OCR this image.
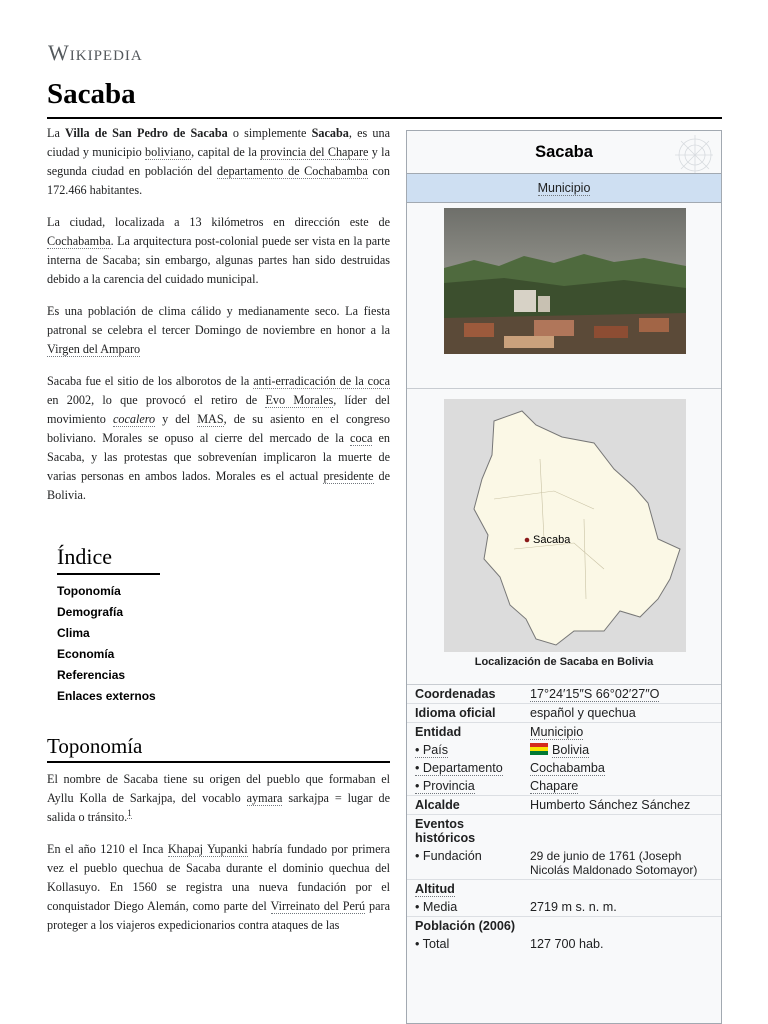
Wikipedia
Sacaba

La Villa de San Pedro de Sacaba o simplemente Sacaba, es una ciudad y municipio boliviano, capital de la provincia del Chapare y la segunda ciudad en población del departamento de Cochabamba con 172.466 habitantes.

La ciudad, localizada a 13 kilómetros en dirección este de Cochabamba. La arquitectura post-colonial puede ser vista en la parte interna de Sacaba; sin embargo, algunas partes han sido destruidas debido a la carencia del cuidado municipal.

Es una población de clima cálido y medianamente seco. La fiesta patronal se celebra el tercer Domingo de noviembre en honor a la Virgen del Amparo

Sacaba fue el sitio de los alborotos de la anti-erradicación de la coca en 2002, lo que provocó el retiro de Evo Morales, líder del movimiento cocalero y del MAS, de su asiento en el congreso boliviano. Morales se opuso al cierre del mercado de la coca en Sacaba, y las protestas que sobrevenían implicaron la muerte de varias personas en ambos lados. Morales es el actual presidente de Bolivia.

Índice
Toponomía
Demografía
Clima
Economía
Referencias
Enlaces externos
Toponomía

El nombre de Sacaba tiene su origen del pueblo que formaban el Ayllu Kolla de Sarkajpa, del vocablo aymara sarkajpa = lugar de salida o tránsito.$^1$

En el año 1210 el Inca Khapaj Yupanki habría fundado por primera vez el pueblo quechua de Sacaba durante el dominio quechua del Kollasuyo. En 1560 se registra una nueva fundación por el conquistador Diego Alemán, como parte del Virreinato del Perú para proteger a los viajeros expedicionarios contra ataques de las

Sacaba
Municipio
Sacaba
Localización de Sacaba en Bolivia
Coordenadas	17°24′15″S 66°02′27″O
Idioma oficial	español y quechua
Entidad	Municipio
• País	Bolivia
• Departamento	Cochabamba
• Provincia	Chapare
Alcalde	Humberto Sánchez Sánchez
Eventos históricos
• Fundación	29 de junio de 1761 (Joseph Nicolás Maldonado Sotomayor)
Altitud
• Media	2719 m s. n. m.
Población (2006)
• Total	127 700 hab.
